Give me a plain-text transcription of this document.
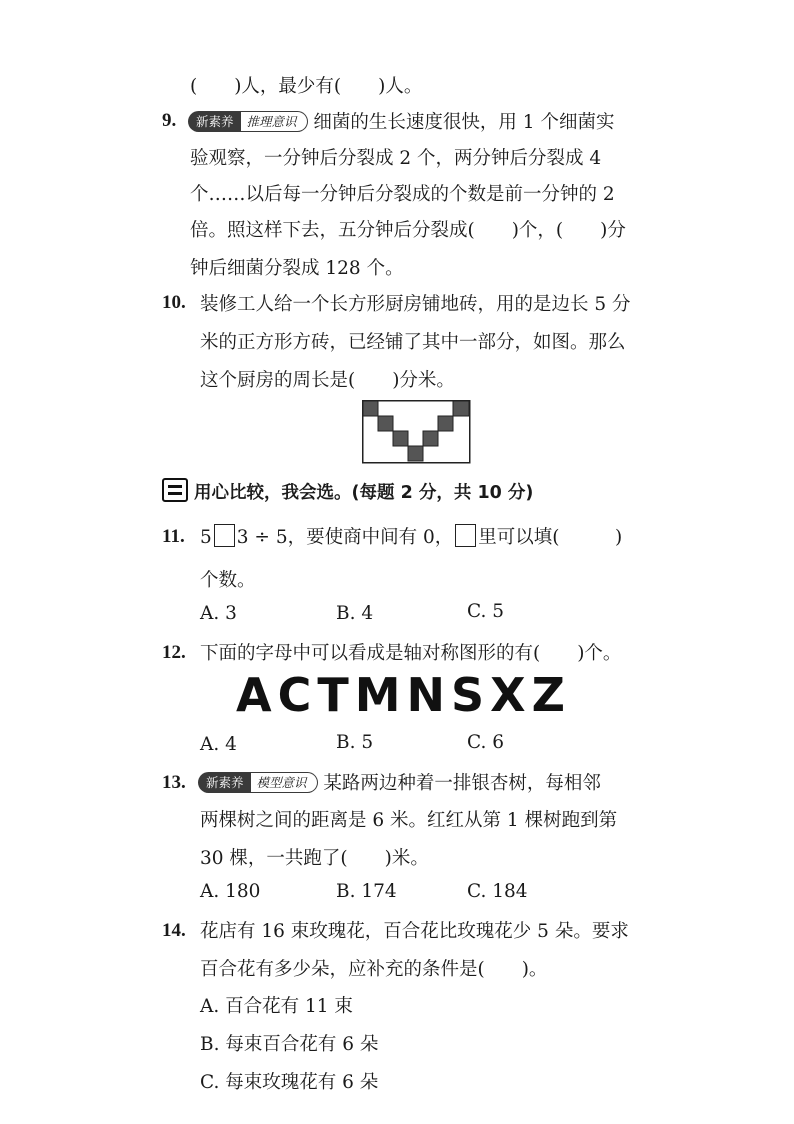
(　　)人，最少有(　　)人。
9.	新素养 推理意识 细菌的生长速度很快，用 1 个细菌实
验观察，一分钟后分裂成 2 个，两分钟后分裂成 4
个……以后每一分钟后分裂成的个数是前一分钟的 2
倍。照这样下去，五分钟后分裂成(　　)个，(　　)分
钟后细菌分裂成 128 个。
10. 装修工人给一个长方形厨房铺地砖，用的是边长 5 分
米的正方形方砖，已经铺了其中一部分，如图。那么
这个厨房的周长是(　　)分米。
用心比较，我会选。(每题 2 分，共 10 分)
11. 5 3 ÷ 5，要使商中间有 0， 里可以填(　　　)
个数。
A. 3	B. 4	C. 5
12. 下面的字母中可以看成是轴对称图形的有(　　)个。
ACTMNSXZ
A. 4	B. 5	C. 6
13.	新素养 模型意识 某路两边种着一排银杏树，每相邻
两棵树之间的距离是 6 米。红红从第 1 棵树跑到第
30 棵，一共跑了(　　)米。
A. 180	B. 174	C. 184
14. 花店有 16 束玫瑰花，百合花比玫瑰花少 5 朵。要求
百合花有多少朵，应补充的条件是(　　)。
A. 百合花有 11 束
B. 每束百合花有 6 朵
C. 每束玫瑰花有 6 朵
